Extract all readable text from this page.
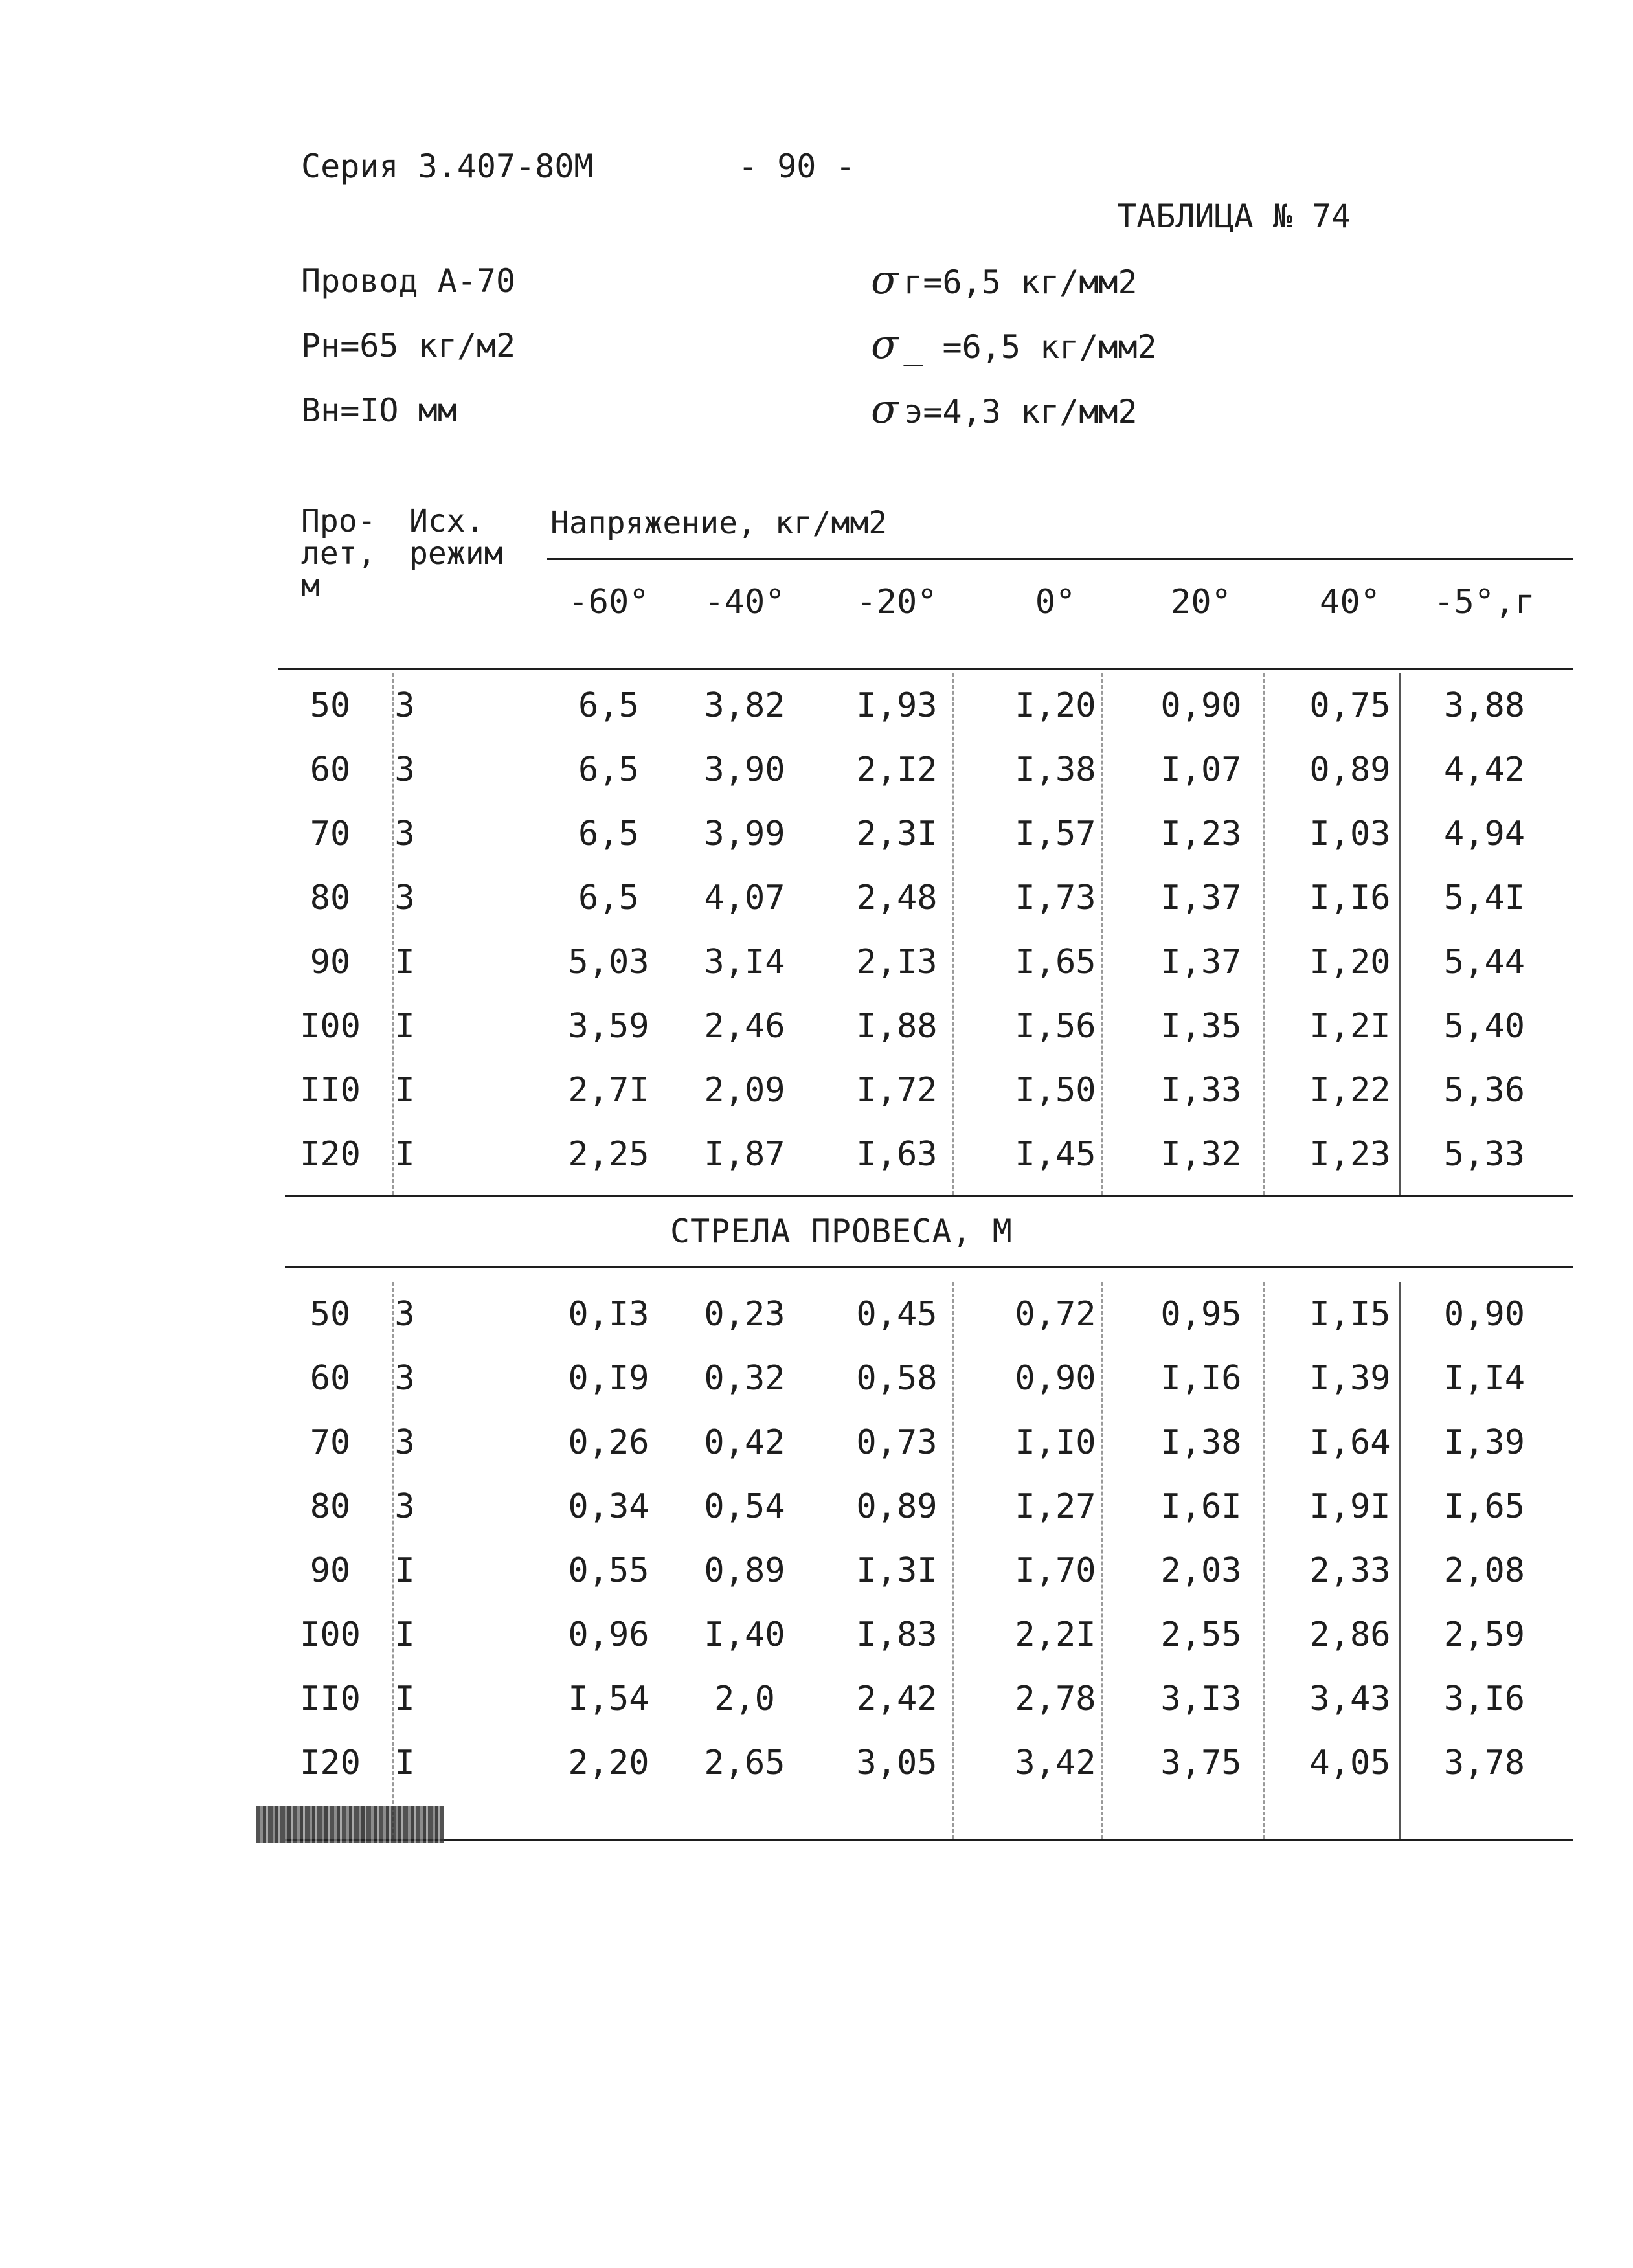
Серия 3.407-80М	- 90 -
ТАБЛИЦА № 74
Провод А-70
Рн=65 кг/м2
Вн=IO мм
σ г=6,5 кг/мм2
σ _ =6,5 кг/мм2
σ э=4,3 кг/мм2
Про-
лет,
м
Исх.
режим
Напряжение, кг/мм2
-60°	-40°	-20°	0°	20°	40°	-5°,г
50	3		6,5	3,82	I,93	I,20	0,90	0,75	3,88
60	3		6,5	3,90	2,I2	I,38	I,07	0,89	4,42
70	3		6,5	3,99	2,3I	I,57	I,23	I,03	4,94
80	3		6,5	4,07	2,48	I,73	I,37	I,I6	5,4I
90	I		5,03	3,I4	2,I3	I,65	I,37	I,20	5,44
I00	I		3,59	2,46	I,88	I,56	I,35	I,2I	5,40
II0	I		2,7I	2,09	I,72	I,50	I,33	I,22	5,36
I20	I		2,25	I,87	I,63	I,45	I,32	I,23	5,33
СТРЕЛА ПРОВЕСА, М
50	3		0,I3	0,23	0,45	0,72	0,95	I,I5	0,90
60	3		0,I9	0,32	0,58	0,90	I,I6	I,39	I,I4
70	3		0,26	0,42	0,73	I,I0	I,38	I,64	I,39
80	3		0,34	0,54	0,89	I,27	I,6I	I,9I	I,65
90	I		0,55	0,89	I,3I	I,70	2,03	2,33	2,08
I00	I		0,96	I,40	I,83	2,2I	2,55	2,86	2,59
II0	I		I,54	2,0	2,42	2,78	3,I3	3,43	3,I6
I20	I		2,20	2,65	3,05	3,42	3,75	4,05	3,78
